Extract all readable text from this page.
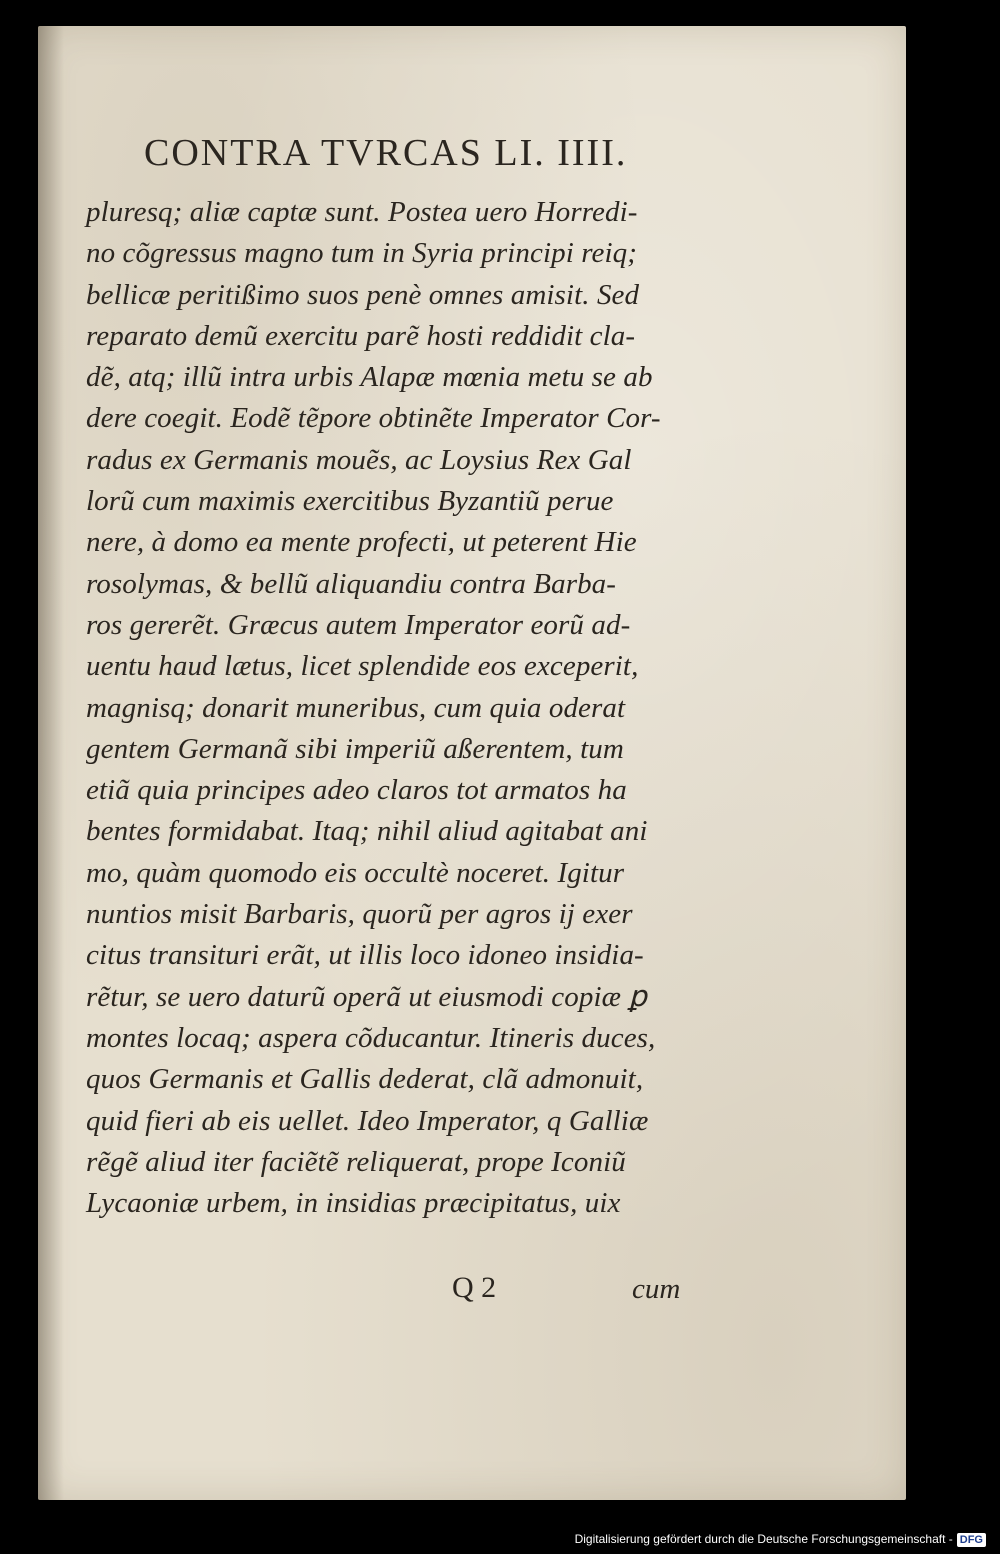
CONTRA TVRCAS LI. IIII.
pluresq; aliæ captæ sunt. Postea uero Horredi-
no cõgressus magno tum in Syria principi reiq;
bellicæ peritißimo suos penè omnes amisit. Sed
reparato demũ exercitu parẽ hosti reddidit cla-
dẽ, atq; illũ intra urbis Alapæ mœnia metu se ab
dere coegit. Eodẽ tẽpore obtinẽte Imperator Cor-
radus ex Germanis mouẽs, ac Loysius Rex Gal
lorũ cum maximis exercitibus Byzantiũ perue
nere, à domo ea mente profecti, ut peterent Hie
rosolymas, & bellũ aliquandiu contra Barba-
ros gererẽt. Græcus autem Imperator eorũ ad-
uentu haud lætus, licet splendide eos exceperit,
magnisq; donarit muneribus, cum quia oderat
gentem Germanã sibi imperiũ aßerentem, tum
etiã quia principes adeo claros tot armatos ha
bentes formidabat. Itaq; nihil aliud agitabat ani
mo, quàm quomodo eis occultè noceret. Igitur
nuntios misit Barbaris, quorũ per agros ij exer
citus transituri erãt, ut illis loco idoneo insidia-
rẽtur, se uero daturũ operã ut eiusmodi copiæ ꝑ
montes locaq; aspera cõducantur. Itineris duces,
quos Germanis et Gallis dederat, clã admonuit,
quid fieri ab eis uellet. Ideo Imperator, q Galliæ
rẽgẽ aliud iter faciẽtẽ reliquerat, prope Iconiũ
Lycaoniæ urbem, in insidias præcipitatus, uix
Q 2	cum
Digitalisierung gefördert durch die Deutsche Forschungsgemeinschaft - DFG
